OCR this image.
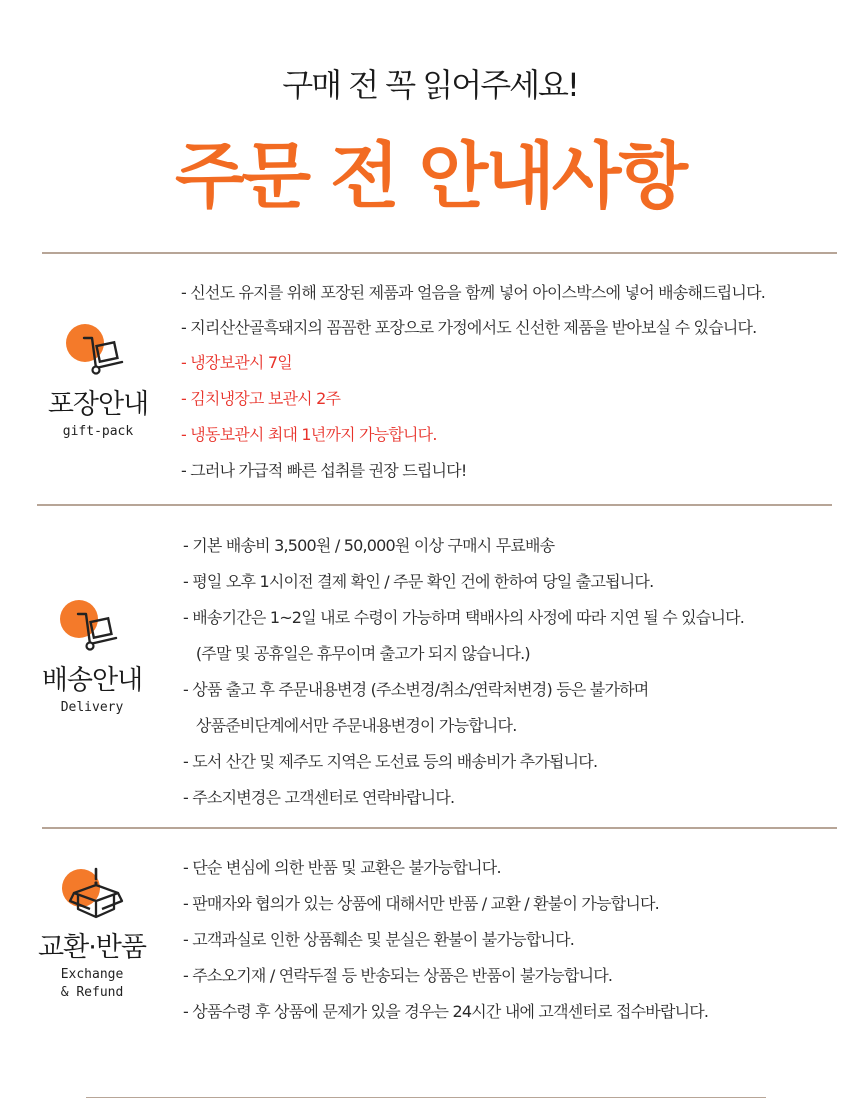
구매 전 꼭 읽어주세요!
주문 전 안내사항
포장안내
gift-pack
- 신선도 유지를 위해 포장된 제품과 얼음을 함께 넣어 아이스박스에 넣어 배송해드립니다.
- 지리산산골흑돼지의 꼼꼼한 포장으로 가정에서도 신선한 제품을 받아보실 수 있습니다.
- 냉장보관시 7일
- 김치냉장고 보관시 2주
- 냉동보관시 최대 1년까지 가능합니다.
- 그러나 가급적 빠른 섭취를 권장 드립니다!
배송안내
Delivery
- 기본 배송비 3,500원 / 50,000원 이상 구매시 무료배송
- 평일 오후 1시이전 결제 확인 / 주문 확인 건에 한하여 당일 출고됩니다.
- 배송기간은 1~2일 내로 수령이 가능하며 택배사의 사정에 따라 지연 될 수 있습니다.
(주말 및 공휴일은 휴무이며 출고가 되지 않습니다.)
- 상품 출고 후 주문내용변경 (주소변경/취소/연락처변경) 등은 불가하며
상품준비단계에서만 주문내용변경이 가능합니다.
- 도서 산간 및 제주도 지역은 도선료 등의 배송비가 추가됩니다.
- 주소지변경은 고객센터로 연락바랍니다.
교환·반품
Exchange
& Refund
- 단순 변심에 의한 반품 및 교환은 불가능합니다.
- 판매자와 협의가 있는 상품에 대해서만 반품 / 교환 / 환불이 가능합니다.
- 고객과실로 인한 상품훼손 및 분실은 환불이 불가능합니다.
- 주소오기재 / 연락두절 등 반송되는 상품은 반품이 불가능합니다.
- 상품수령 후 상품에 문제가 있을 경우는 24시간 내에 고객센터로 접수바랍니다.
